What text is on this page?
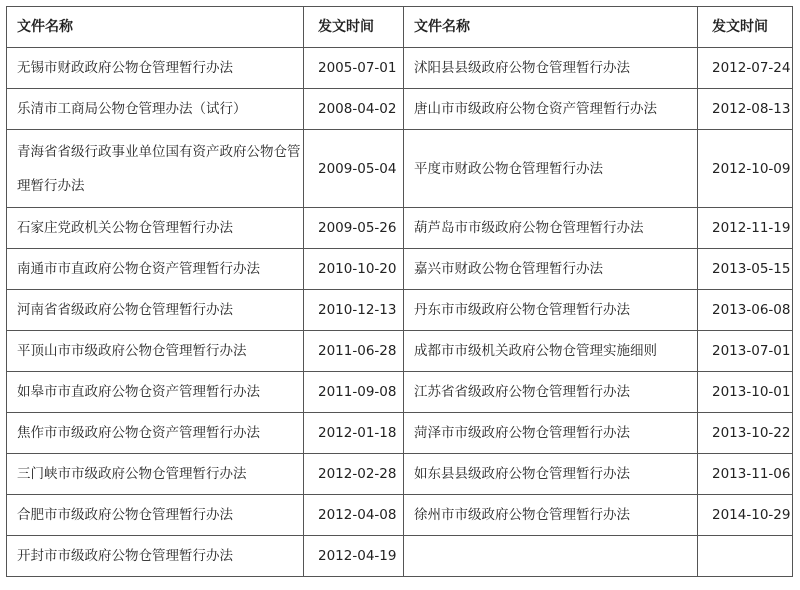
文件名称	发文时间	文件名称	发文时间
无锡市财政政府公物仓管理暂行办法	2005-07-01	沭阳县县级政府公物仓管理暂行办法	2012-07-24
乐清市工商局公物仓管理办法（试行）	2008-04-02	唐山市市级政府公物仓资产管理暂行办法	2012-08-13
青海省省级行政事业单位国有资产政府公物仓管理暂行办法	2009-05-04	平度市财政公物仓管理暂行办法	2012-10-09
石家庄党政机关公物仓管理暂行办法	2009-05-26	葫芦岛市市级政府公物仓管理暂行办法	2012-11-19
南通市市直政府公物仓资产管理暂行办法	2010-10-20	嘉兴市财政公物仓管理暂行办法	2013-05-15
河南省省级政府公物仓管理暂行办法	2010-12-13	丹东市市级政府公物仓管理暂行办法	2013-06-08
平顶山市市级政府公物仓管理暂行办法	2011-06-28	成都市市级机关政府公物仓管理实施细则	2013-07-01
如皋市市直政府公物仓资产管理暂行办法	2011-09-08	江苏省省级政府公物仓管理暂行办法	2013-10-01
焦作市市级政府公物仓资产管理暂行办法	2012-01-18	菏泽市市级政府公物仓管理暂行办法	2013-10-22
三门峡市市级政府公物仓管理暂行办法	2012-02-28	如东县县级政府公物仓管理暂行办法	2013-11-06
合肥市市级政府公物仓管理暂行办法	2012-04-08	徐州市市级政府公物仓管理暂行办法	2014-10-29
开封市市级政府公物仓管理暂行办法	2012-04-19		
